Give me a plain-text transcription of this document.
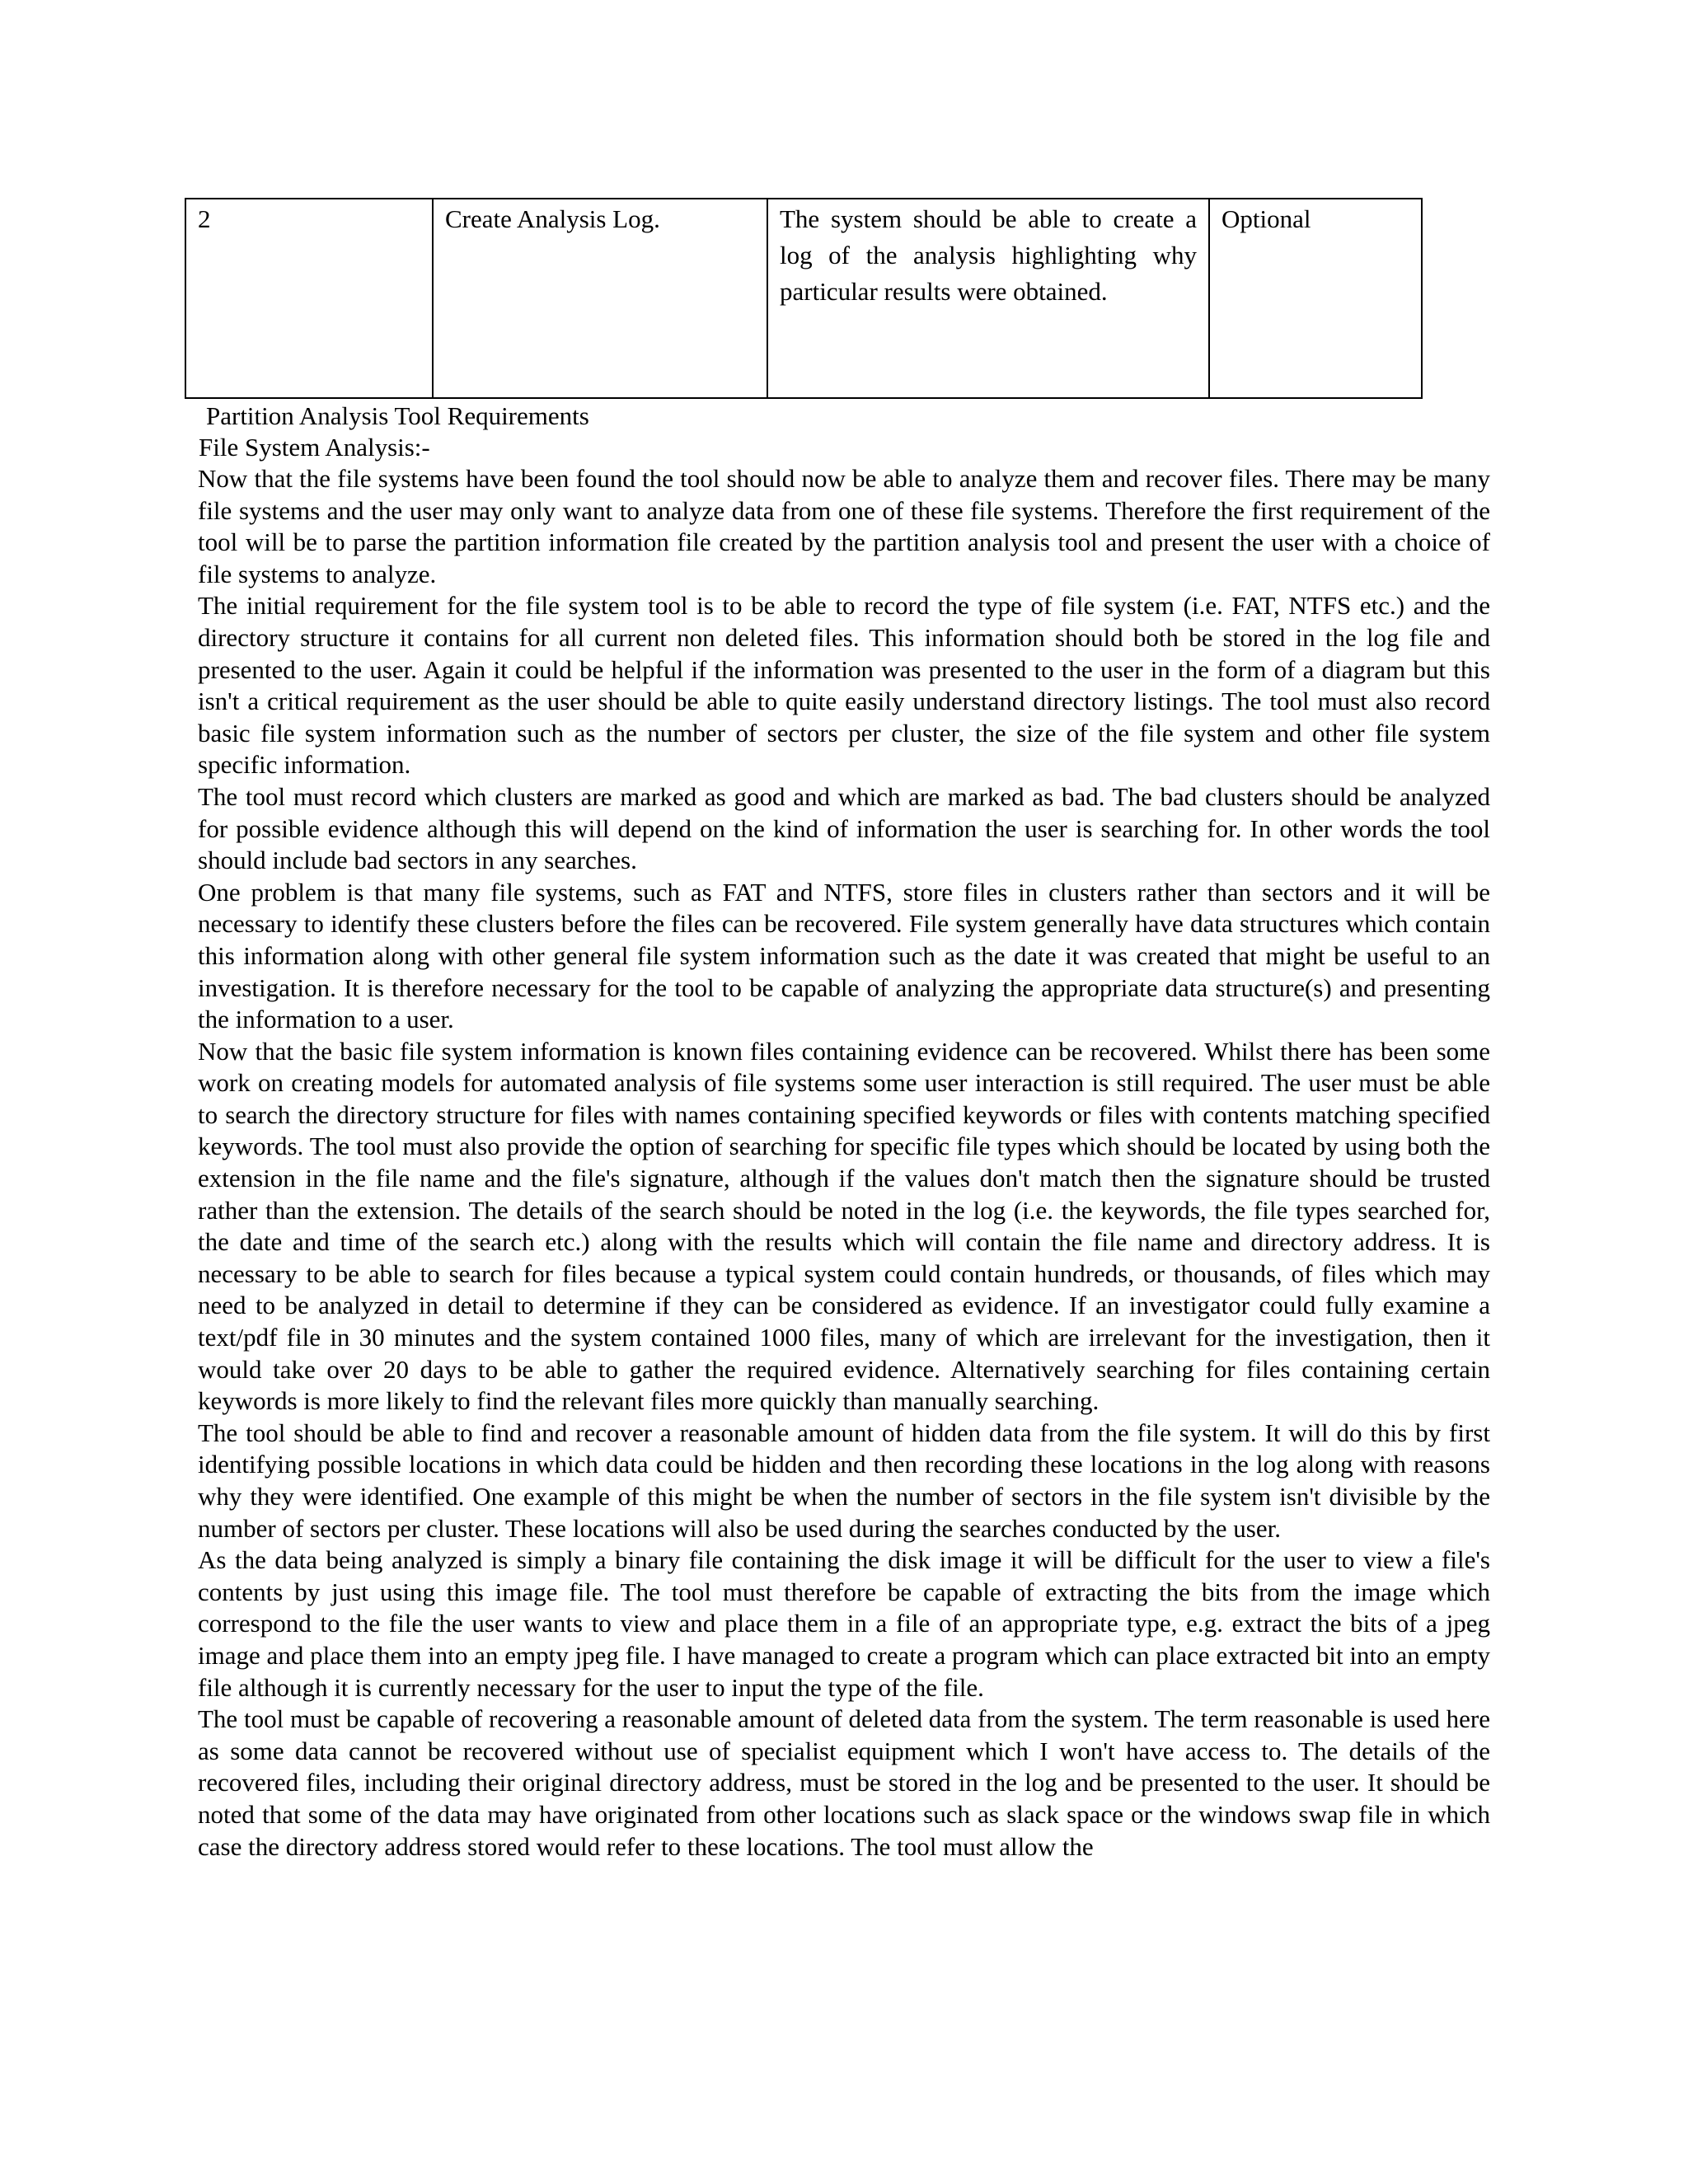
2	Create Analysis Log.	The system should be able to create a log of the analysis highlighting why particular results were obtained.	Optional
Partition Analysis Tool Requirements
File System Analysis:-

Now that the file systems have been found the tool should now be able to analyze them and recover files. There may be many file systems and the user may only want to analyze data from one of these file systems. Therefore the first requirement of the tool will be to parse the partition information file created by the partition analysis tool and present the user with a choice of file systems to analyze.

The initial requirement for the file system tool is to be able to record the type of file system (i.e. FAT, NTFS etc.) and the directory structure it contains for all current non deleted files. This information should both be stored in the log file and presented to the user. Again it could be helpful if the information was presented to the user in the form of a diagram but this isn't a critical requirement as the user should be able to quite easily understand directory listings. The tool must also record basic file system information such as the number of sectors per cluster, the size of the file system and other file system specific information.

The tool must record which clusters are marked as good and which are marked as bad. The bad clusters should be analyzed for possible evidence although this will depend on the kind of information the user is searching for. In other words the tool should include bad sectors in any searches.

One problem is that many file systems, such as FAT and NTFS, store files in clusters rather than sectors and it will be necessary to identify these clusters before the files can be recovered. File system generally have data structures which contain this information along with other general file system information such as the date it was created that might be useful to an investigation. It is therefore necessary for the tool to be capable of analyzing the appropriate data structure(s) and presenting the information to a user.

Now that the basic file system information is known files containing evidence can be recovered. Whilst there has been some work on creating models for automated analysis of file systems some user interaction is still required. The user must be able to search the directory structure for files with names containing specified keywords or files with contents matching specified keywords. The tool must also provide the option of searching for specific file types which should be located by using both the extension in the file name and the file's signature, although if the values don't match then the signature should be trusted rather than the extension. The details of the search should be noted in the log (i.e. the keywords, the file types searched for, the date and time of the search etc.) along with the results which will contain the file name and directory address. It is necessary to be able to search for files because a typical system could contain hundreds, or thousands, of files which may need to be analyzed in detail to determine if they can be considered as evidence. If an investigator could fully examine a text/pdf file in 30 minutes and the system contained 1000 files, many of which are irrelevant for the investigation, then it would take over 20 days to be able to gather the required evidence. Alternatively searching for files containing certain keywords is more likely to find the relevant files more quickly than manually searching.

The tool should be able to find and recover a reasonable amount of hidden data from the file system. It will do this by first identifying possible locations in which data could be hidden and then recording these locations in the log along with reasons why they were identified. One example of this might be when the number of sectors in the file system isn't divisible by the number of sectors per cluster. These locations will also be used during the searches conducted by the user.

As the data being analyzed is simply a binary file containing the disk image it will be difficult for the user to view a file's contents by just using this image file. The tool must therefore be capable of extracting the bits from the image which correspond to the file the user wants to view and place them in a file of an appropriate type, e.g. extract the bits of a jpeg image and place them into an empty jpeg file. I have managed to create a program which can place extracted bit into an empty file although it is currently necessary for the user to input the type of the file.

The tool must be capable of recovering a reasonable amount of deleted data from the system. The term reasonable is used here as some data cannot be recovered without use of specialist equipment which I won't have access to. The details of the recovered files, including their original directory address, must be stored in the log and be presented to the user. It should be noted that some of the data may have originated from other locations such as slack space or the windows swap file in which case the directory address stored would refer to these locations. The tool must allow the
